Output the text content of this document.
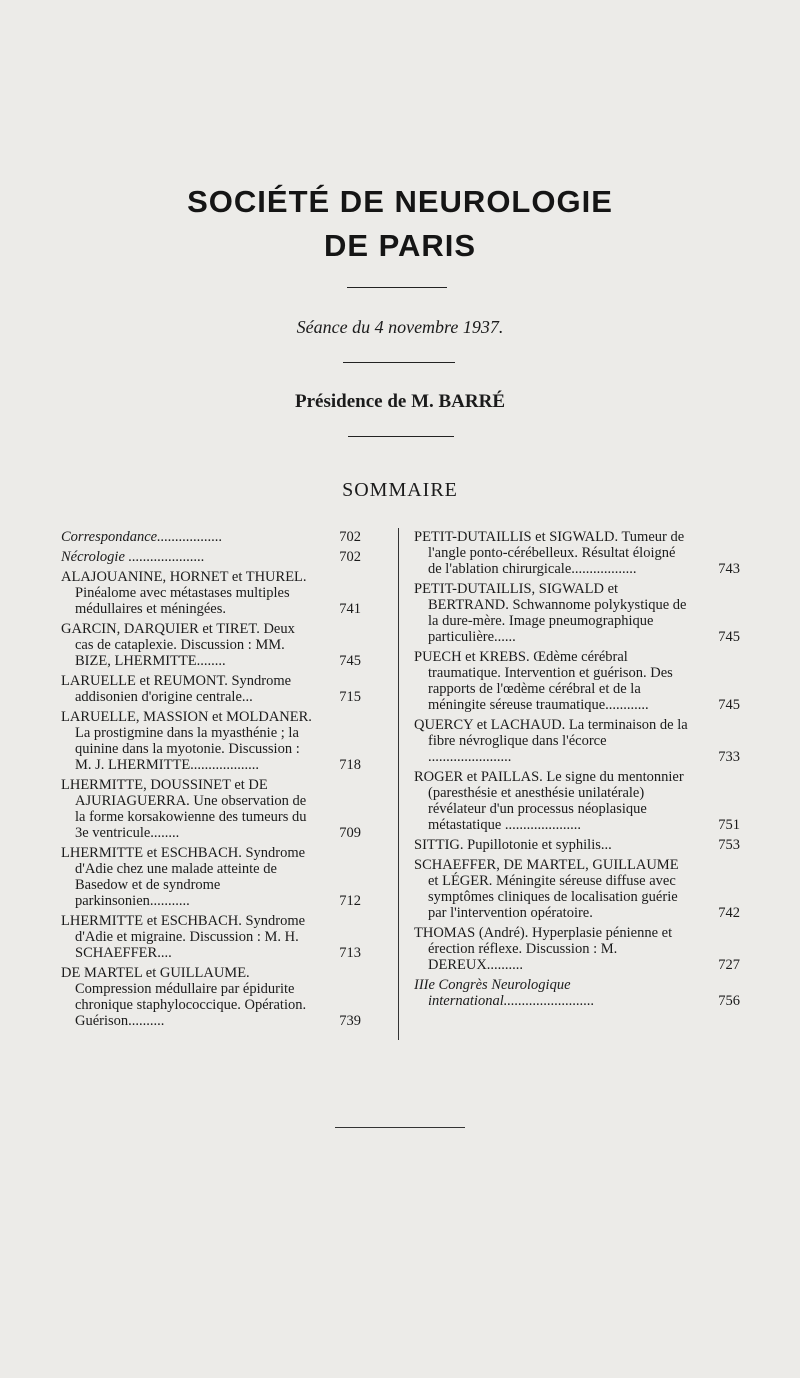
SOCIÉTÉ DE NEUROLOGIE
DE PARIS
Séance du 4 novembre 1937.
Présidence de M. BARRÉ
SOMMAIRE
Correspondance..................	702
Nécrologie .....................	702
ALAJOUANINE, HORNET et THUREL. Pinéalome avec métastases multiples médullaires et méningées.	741
GARCIN, DARQUIER et TIRET. Deux cas de cataplexie. Discussion : MM. BIZE, LHERMITTE........	745
LARUELLE et REUMONT. Syndrome addisonien d'origine centrale...	715
LARUELLE, MASSION et MOLDANER. La prostigmine dans la myasthénie ; la quinine dans la myotonie. Discussion : M. J. LHERMITTE...................	718
LHERMITTE, DOUSSINET et DE AJURIAGUERRA. Une observation de la forme korsakowienne des tumeurs du 3e ventricule........	709
LHERMITTE et ESCHBACH. Syndrome d'Adie chez une malade atteinte de Basedow et de syndrome parkinsonien...........	712
LHERMITTE et ESCHBACH. Syndrome d'Adie et migraine. Discussion : M. H. SCHAEFFER....	713
DE MARTEL et GUILLAUME. Compression médullaire par épidurite chronique staphylococcique. Opération. Guérison..........	739
PETIT-DUTAILLIS et SIGWALD. Tumeur de l'angle ponto-cérébelleux. Résultat éloigné de l'ablation chirurgicale..................	743
PETIT-DUTAILLIS, SIGWALD et BERTRAND. Schwannome polykystique de la dure-mère. Image pneumographique particulière......	745
PUECH et KREBS. Œdème cérébral traumatique. Intervention et guérison. Des rapports de l'œdème cérébral et de la méningite séreuse traumatique............	745
QUERCY et LACHAUD. La terminaison de la fibre névroglique dans l'écorce .......................	733
ROGER et PAILLAS. Le signe du mentonnier (paresthésie et anesthésie unilatérale) révélateur d'un processus néoplasique métastatique .....................	751
SITTIG. Pupillotonie et syphilis...	753
SCHAEFFER, DE MARTEL, GUILLAUME et LÉGER. Méningite séreuse diffuse avec symptômes cliniques de localisation guérie par l'intervention opératoire.	742
THOMAS (André). Hyperplasie pénienne et érection réflexe. Discussion : M. DEREUX..........	727
IIIe Congrès Neurologique international.........................	756
